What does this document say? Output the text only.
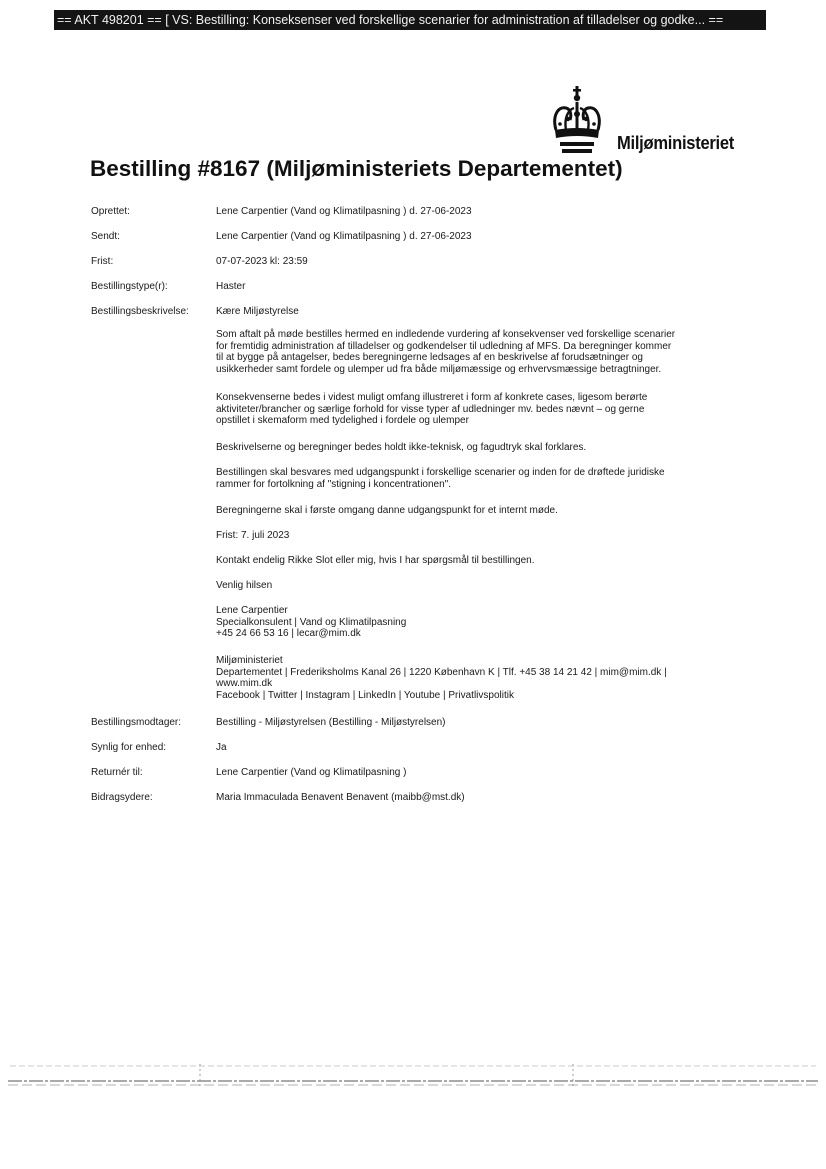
== AKT 498201 == [ VS: Bestilling: Konseksenser ved forskellige scenarier for administration af tilladelser og godke... ==
Miljøministeriet
Bestilling #8167 (Miljøministeriets Departementet)
Oprettet:	Lene Carpentier (Vand og Klimatilpasning ) d. 27-06-2023
Sendt:	Lene Carpentier (Vand og Klimatilpasning ) d. 27-06-2023
Frist:	07-07-2023 kl: 23:59
Bestillingstype(r):	Haster
Bestillingsbeskrivelse:	Kære Miljøstyrelse
Som aftalt på møde bestilles hermed en indledende vurdering af konsekvenser ved forskellige scenarier
for fremtidig administration af tilladelser og godkendelser til udledning af MFS. Da beregninger kommer
til at bygge på antagelser, bedes beregningerne ledsages af en beskrivelse af forudsætninger og
usikkerheder samt fordele og ulemper ud fra både miljømæssige og erhvervsmæssige betragtninger.
Konsekvenserne bedes i videst muligt omfang illustreret i form af konkrete cases, ligesom berørte
aktiviteter/brancher og særlige forhold for visse typer af udledninger mv. bedes nævnt – og gerne
opstillet i skemaform med tydelighed i fordele og ulemper
Beskrivelserne og beregninger bedes holdt ikke-teknisk, og fagudtryk skal forklares.
Bestillingen skal besvares med udgangspunkt i forskellige scenarier og inden for de drøftede juridiske
rammer for fortolkning af "stigning i koncentrationen".
Beregningerne skal i første omgang danne udgangspunkt for et internt møde.
Frist: 7. juli 2023
Kontakt endelig Rikke Slot eller mig, hvis I har spørgsmål til bestillingen.
Venlig hilsen
Lene Carpentier
Specialkonsulent | Vand og Klimatilpasning
+45 24 66 53 16 | lecar@mim.dk
Miljøministeriet
Departementet | Frederiksholms Kanal 26 | 1220 København K | Tlf. +45 38 14 21 42 | mim@mim.dk |
www.mim.dk
Facebook | Twitter | Instagram | LinkedIn | Youtube | Privatlivspolitik
Bestillingsmodtager:	Bestilling - Miljøstyrelsen (Bestilling - Miljøstyrelsen)
Synlig for enhed:	Ja
Returnér til:	Lene Carpentier (Vand og Klimatilpasning )
Bidragsydere:	Maria Immaculada Benavent Benavent (maibb@mst.dk)
